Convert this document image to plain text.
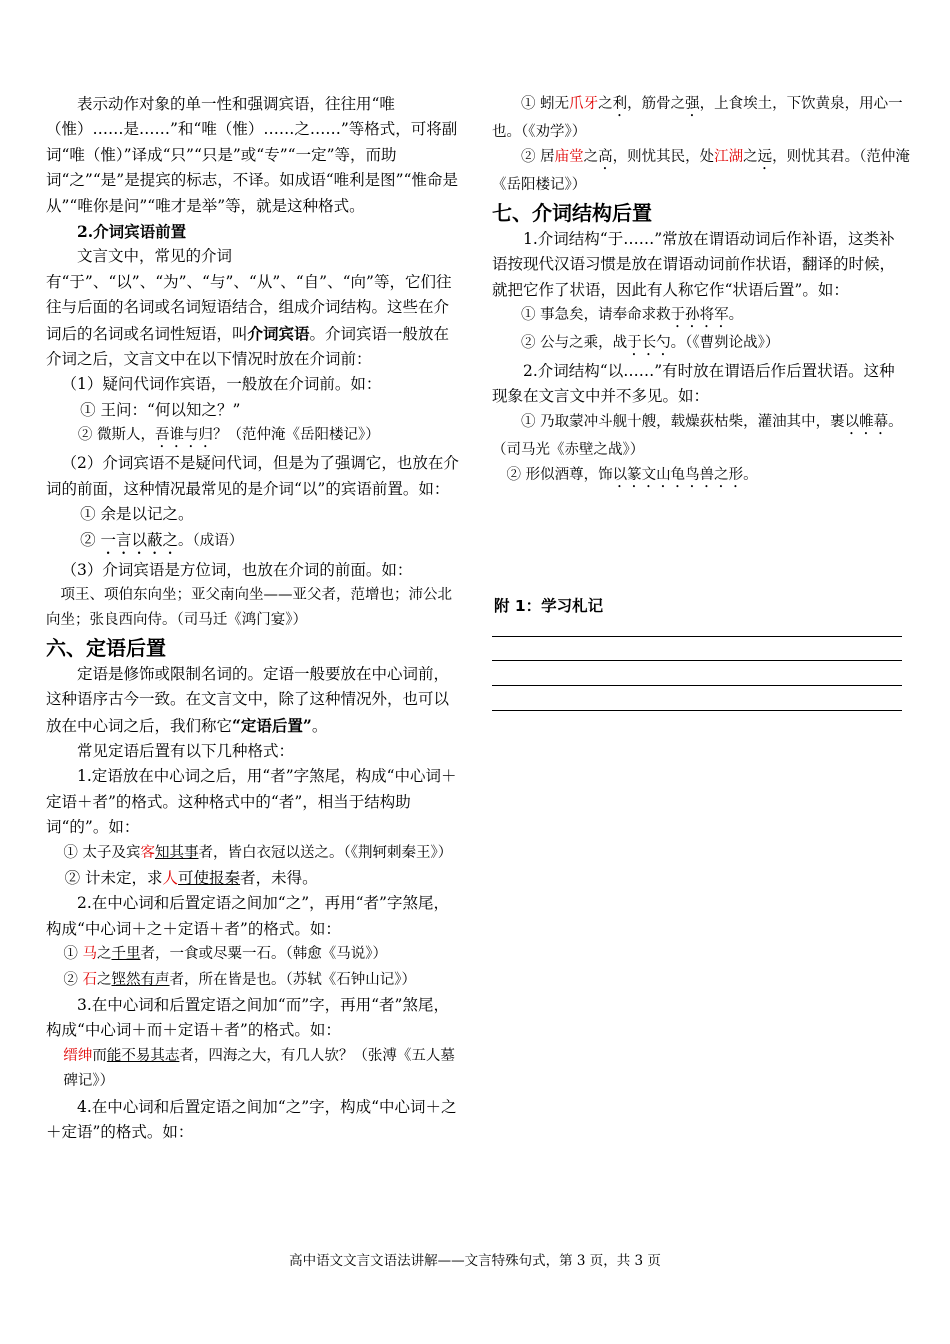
表示动作对象的单一性和强调宾语，往往用“唯（惟）……是……”和“唯（惟）……之……”等格式，可将副词“唯（惟）”译成“只”“只是”或“专”“一定”等，而助词“之”“是”是提宾的标志，不译。如成语“唯利是图”“惟命是从”“唯你是问”“唯才是举”等，就是这种格式。

2.介词宾语前置

文言文中，常见的介词有“于”、“以”、“为”、“与”、“从”、“自”、“向”等，它们往往与后面的名词或名词短语结合，组成介词结构。这些在介词后的名词或名词性短语，叫介词宾语。介词宾语一般放在介词之后，文言文中在以下情况时放在介词前：

（1）疑问代词作宾语，一般放在介词前。如：

① 王问：“何以知之？”

② 微斯人，吾谁与归？（范仲淹《岳阳楼记》）

（2）介词宾语不是疑问代词，但是为了强调它，也放在介词的前面，这种情况最常见的是介词“以”的宾语前置。如：

① 余是以记之。

② 一言以蔽之。（成语）

（3）介词宾语是方位词，也放在介词的前面。如：

项王、项伯东向坐；亚父南向坐——亚父者，范增也；沛公北向坐；张良西向侍。（司马迁《鸿门宴》）

六、定语后置

定语是修饰或限制名词的。定语一般要放在中心词前，这种语序古今一致。在文言文中，除了这种情况外，也可以放在中心词之后，我们称它“定语后置”。

常见定语后置有以下几种格式：

1.定语放在中心词之后，用“者”字煞尾，构成“中心词＋定语＋者”的格式。这种格式中的“者”，相当于结构助词“的”。如：

① 太子及宾客知其事者，皆白衣冠以送之。（《荆轲刺秦王》）

② 计未定，求人可使报秦者，未得。

2.在中心词和后置定语之间加“之”，再用“者”字煞尾，构成“中心词＋之＋定语＋者”的格式。如：

① 马之千里者，一食或尽粟一石。（韩愈《马说》）

② 石之铿然有声者，所在皆是也。（苏轼《石钟山记》）

3.在中心词和后置定语之间加“而”字，再用“者”煞尾，构成“中心词＋而＋定语＋者”的格式。如：

缙绅而能不易其志者，四海之大，有几人欤？（张溥《五人墓碑记》）

4.在中心词和后置定语之间加“之”字，构成“中心词＋之＋定语”的格式。如：

① 蚓无爪牙之利，筋骨之强，上食埃土，下饮黄泉，用心一也。（《劝学》）

② 居庙堂之高，则忧其民，处江湖之远，则忧其君。（范仲淹《岳阳楼记》）

七、介词结构后置

1.介词结构“于……”常放在谓语动词后作补语，这类补语按现代汉语习惯是放在谓语动词前作状语，翻译的时候，就把它作了状语，因此有人称它作“状语后置”。如：

① 事急矣，请奉命求救于孙将军。

② 公与之乘，战于长勺。（《曹刿论战》）

2.介词结构“以……”有时放在谓语后作后置状语。这种现象在文言文中并不多见。如：

① 乃取蒙冲斗舰十艘，载燥荻枯柴，灌油其中，裹以帷幕。（司马光《赤壁之战》）

② 形似酒尊，饰以篆文山龟鸟兽之形。

附 1：学习札记
高中语文文言文语法讲解——文言特殊句式，第 3 页，共 3 页
